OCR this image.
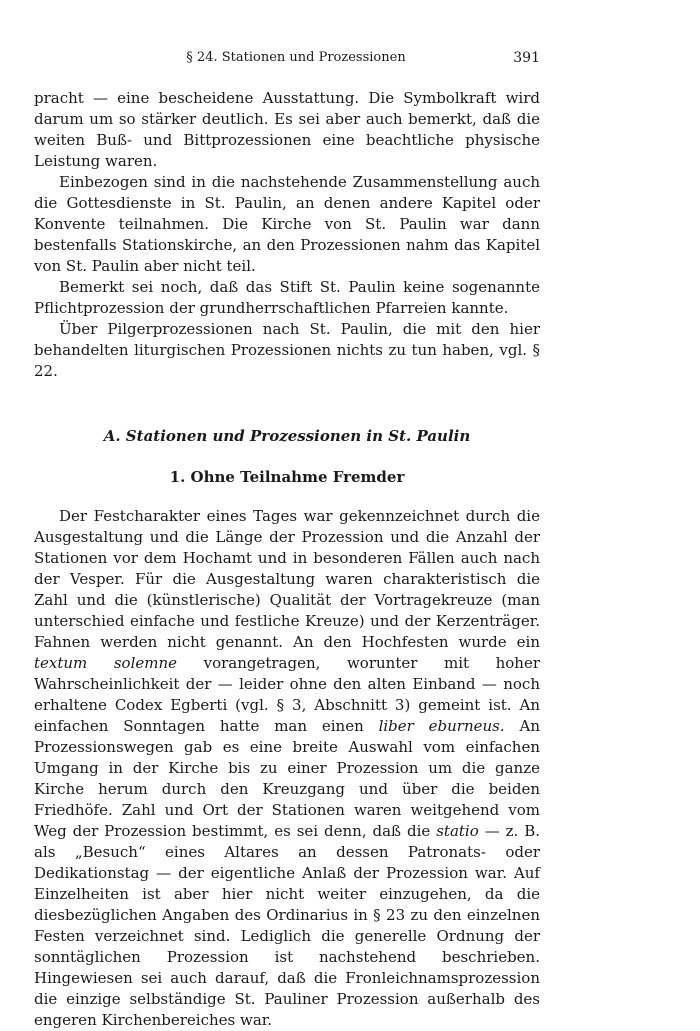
§ 24. Stationen und Prozessionen	391

pracht — eine bescheidene Ausstattung. Die Symbolkraft wird darum um so stärker deutlich. Es sei aber auch bemerkt, daß die weiten Buß- und Bittprozessionen eine beachtliche physische Leistung waren.

Einbezogen sind in die nachstehende Zusammenstellung auch die Gottesdienste in St. Paulin, an denen andere Kapitel oder Konvente teilnahmen. Die Kirche von St. Paulin war dann bestenfalls Stationskirche, an den Prozessionen nahm das Kapitel von St. Paulin aber nicht teil.

Bemerkt sei noch, daß das Stift St. Paulin keine sogenannte Pflichtprozession der grundherrschaftlichen Pfarreien kannte.

Über Pilgerprozessionen nach St. Paulin, die mit den hier behandelten liturgischen Prozessionen nichts zu tun haben, vgl. § 22.

A. Stationen und Prozessionen in St. Paulin
1. Ohne Teilnahme Fremder

Der Festcharakter eines Tages war gekennzeichnet durch die Ausgestaltung und die Länge der Prozession und die Anzahl der Stationen vor dem Hochamt und in besonderen Fällen auch nach der Vesper. Für die Ausgestaltung waren charakteristisch die Zahl und die (künstlerische) Qualität der Vortragekreuze (man unterschied einfache und festliche Kreuze) und der Kerzenträger. Fahnen werden nicht genannt. An den Hochfesten wurde ein textum solemne vorangetragen, worunter mit hoher Wahrscheinlichkeit der — leider ohne den alten Einband — noch erhaltene Codex Egberti (vgl. § 3, Abschnitt 3) gemeint ist. An einfachen Sonntagen hatte man einen liber eburneus. An Prozessionswegen gab es eine breite Auswahl vom einfachen Umgang in der Kirche bis zu einer Prozession um die ganze Kirche herum durch den Kreuzgang und über die beiden Friedhöfe. Zahl und Ort der Stationen waren weitgehend vom Weg der Prozession bestimmt, es sei denn, daß die statio — z. B. als „Besuch“ eines Altares an dessen Patronats- oder Dedikationstag — der eigentliche Anlaß der Prozession war. Auf Einzelheiten ist aber hier nicht weiter einzugehen, da die diesbezüglichen Angaben des Ordinarius in § 23 zu den einzelnen Festen verzeichnet sind. Lediglich die generelle Ordnung der sonntäglichen Prozession ist nachstehend beschrieben. Hingewiesen sei auch darauf, daß die Fronleichnamsprozession die einzige selbständige St. Pauliner Prozession außerhalb des engeren Kirchenbereiches war.
